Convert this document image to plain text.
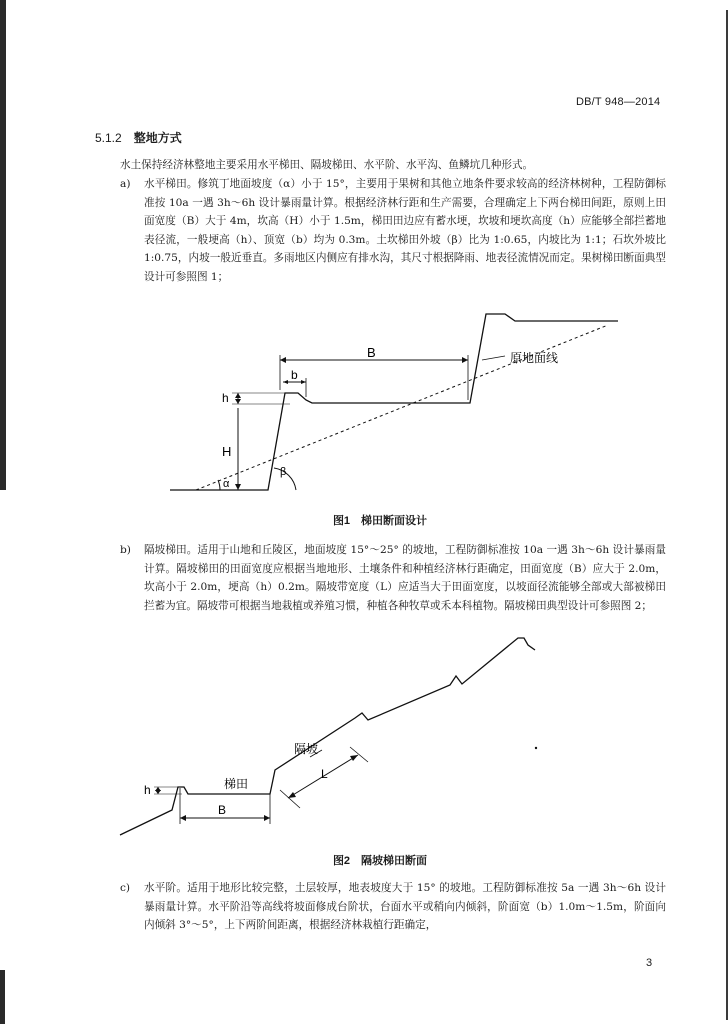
DB/T 948—2014
5.1.2 整地方式

水土保持经济林整地主要采用水平梯田、隔坡梯田、水平阶、水平沟、鱼鳞坑几种形式。

a)	水平梯田。修筑丁地面坡度（α）小于 15°，主要用于果树和其他立地条件要求较高的经济林树种，工程防御标准按 10a 一遇 3h～6h 设计暴雨量计算。根据经济林行距和生产需要，合理确定上下两台梯田间距，原则上田面宽度（B）大于 4m，坎高（H）小于 1.5m，梯田田边应有蓄水埂，坎坡和埂坎高度（h）应能够全部拦蓄地表径流，一般埂高（h）、顶宽（b）均为 0.3m。土坎梯田外坡（β）比为 1:0.65，内坡比为 1:1；石坎外坡比 1:0.75，内坡一般近垂直。多雨地区内侧应有排水沟，其尺寸根据降雨、地表径流情况而定。果树梯田断面典型设计可参照图 1；
B
b
h
H
α
β
原地面线
图1　梯田断面设计
b)	隔坡梯田。适用于山地和丘陵区，地面坡度 15°～25° 的坡地，工程防御标准按 10a 一遇 3h～6h 设计暴雨量计算。隔坡梯田的田面宽度应根据当地地形、土壤条件和种植经济林行距确定，田面宽度（B）应大于 2.0m，坎高小于 2.0m，埂高（h）0.2m。隔坡带宽度（L）应适当大于田面宽度，以坡面径流能够全部或大部被梯田拦蓄为宜。隔坡带可根据当地栽植或养殖习惯，种植各种牧草或禾本科植物。隔坡梯田典型设计可参照图 2；
隔坡
L
梯田
B
h
图2　隔坡梯田断面
c)	水平阶。适用于地形比较完整，土层较厚，地表坡度大于 15° 的坡地。工程防御标准按 5a 一遇 3h～6h 设计暴雨量计算。水平阶沿等高线将坡面修成台阶状，台面水平或稍向内倾斜，阶面宽（b）1.0m～1.5m，阶面向内倾斜 3°～5°，上下两阶间距离，根据经济林栽植行距确定，
3
